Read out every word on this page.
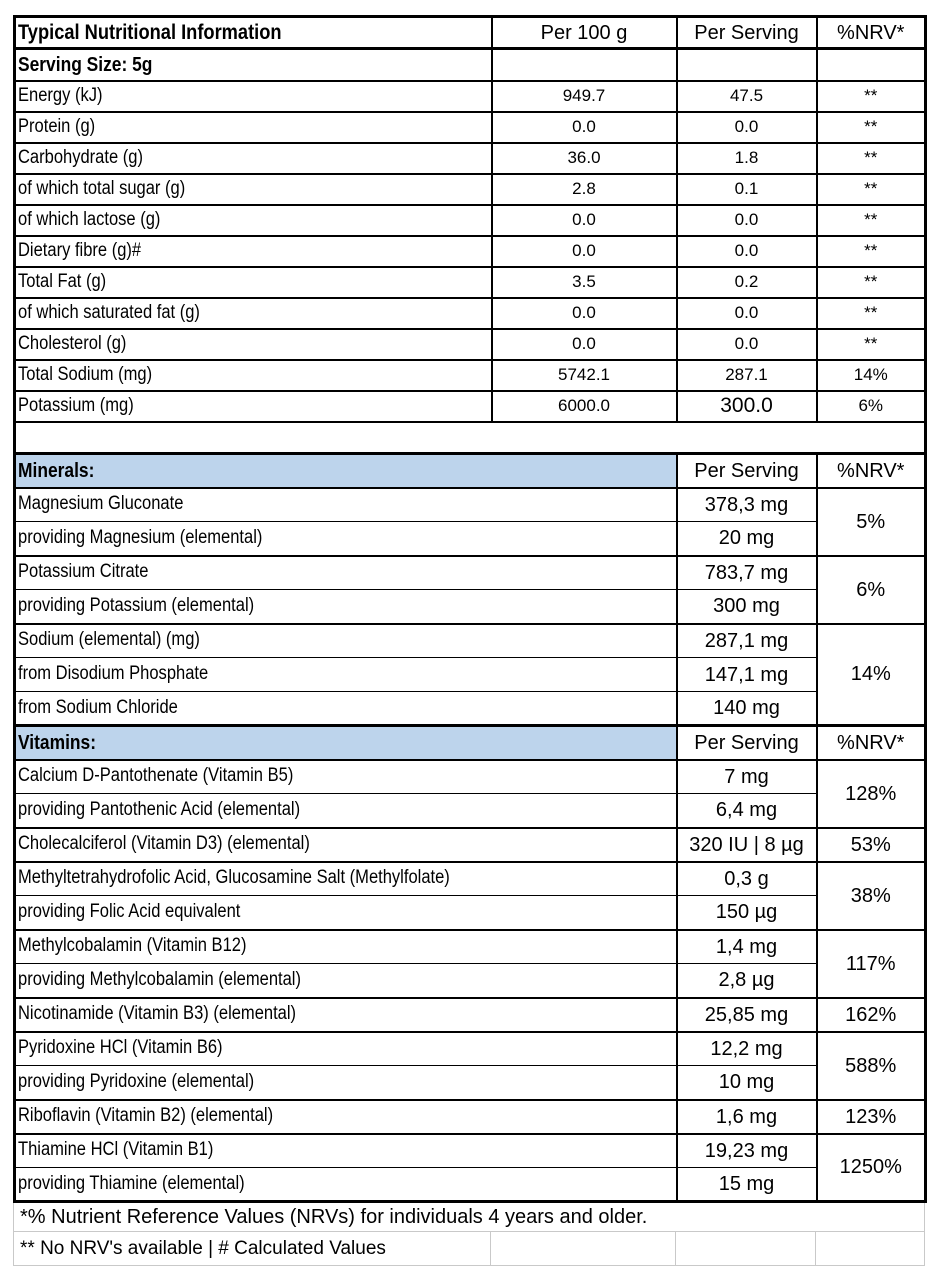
Typical Nutritional Information	Per 100 g	Per Serving	%NRV*
Serving Size: 5g			
Energy (kJ)	949.7	47.5	**
Protein (g)	0.0	0.0	**
Carbohydrate (g)	36.0	1.8	**
of which total sugar (g)	2.8	0.1	**
of which lactose (g)	0.0	0.0	**
Dietary fibre (g)#	0.0	0.0	**
Total Fat (g)	3.5	0.2	**
of which saturated fat (g)	0.0	0.0	**
Cholesterol (g)	0.0	0.0	**
Total Sodium (mg)	5742.1	287.1	14%
Potassium (mg)	6000.0	300.0	6%

Minerals:		Per Serving	%NRV*
Magnesium Gluconate		378,3 mg	5%
providing Magnesium (elemental)		20 mg	
Potassium Citrate		783,7 mg	6%
providing Potassium (elemental)		300 mg	
Sodium (elemental) (mg)		287,1 mg	14%
from Disodium Phosphate		147,1 mg	
from Sodium Chloride		140 mg	
Vitamins:		Per Serving	%NRV*
Calcium D-Pantothenate (Vitamin B5)		7 mg	128%
providing Pantothenic Acid (elemental)		6,4 mg	
Cholecalciferol (Vitamin D3) (elemental)		320 IU | 8 µg	53%
Methyltetrahydrofolic Acid, Glucosamine Salt (Methylfolate)		0,3 g	38%
providing Folic Acid equivalent		150 µg	
Methylcobalamin (Vitamin B12)		1,4 mg	117%
providing Methylcobalamin (elemental)		2,8 µg	
Nicotinamide (Vitamin B3) (elemental)		25,85 mg	162%
Pyridoxine HCl (Vitamin B6)		12,2 mg	588%
providing Pyridoxine (elemental)		10 mg	
Riboflavin (Vitamin B2) (elemental)		1,6 mg	123%
Thiamine HCl (Vitamin B1)		19,23 mg	1250%
providing Thiamine (elemental)		15 mg	
*% Nutrient Reference Values (NRVs) for individuals 4 years and older.
** No NRV's available | # Calculated Values			
